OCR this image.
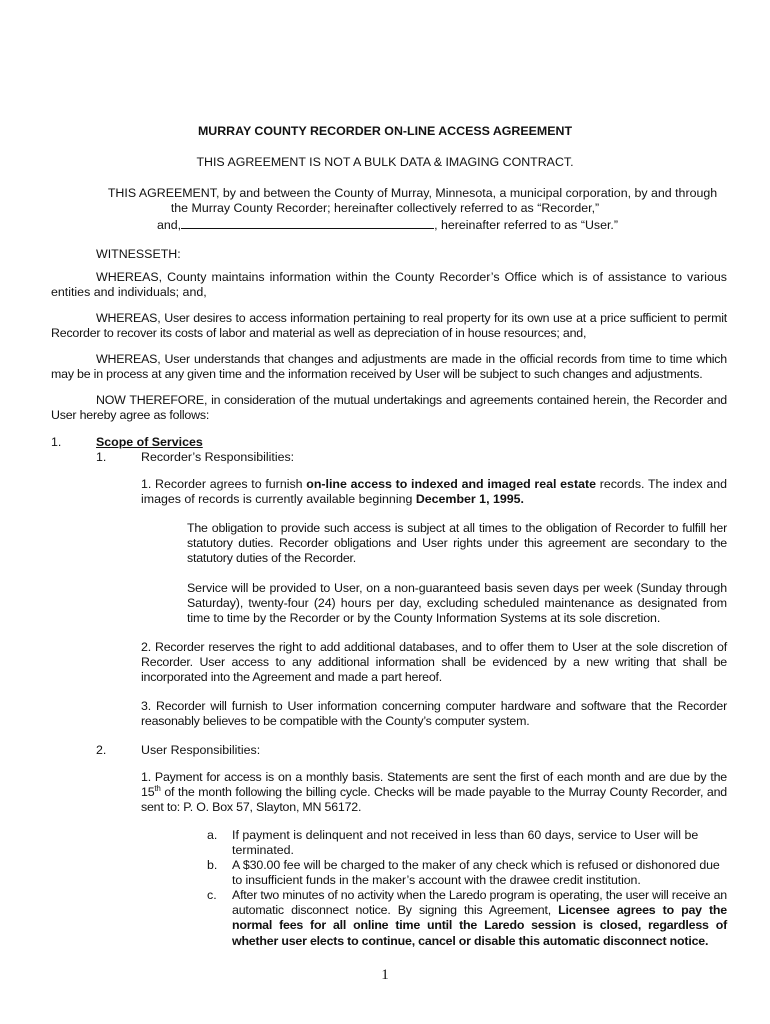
MURRAY COUNTY RECORDER ON-LINE ACCESS AGREEMENT
THIS AGREEMENT IS NOT A BULK DATA & IMAGING CONTRACT.
THIS AGREEMENT, by and between the County of Murray, Minnesota, a municipal corporation, by and through
the Murray County Recorder; hereinafter collectively referred to as “Recorder,”
and,	, hereinafter referred to as “User.”
WITNESSETH:
WHEREAS, County maintains information within the County Recorder’s Office which is of assistance to various entities and individuals; and,
WHEREAS, User desires to access information pertaining to real property for its own use at a price sufficient to permit Recorder to recover its costs of labor and material as well as depreciation of in house resources; and,
WHEREAS, User understands that changes and adjustments are made in the official records from time to time which may be in process at any given time and the information received by User will be subject to such changes and adjustments.
NOW THEREFORE, in consideration of the mutual undertakings and agreements contained herein, the Recorder and User hereby agree as follows:
1.	Scope of Services
1.	Recorder’s Responsibilities:
1. Recorder agrees to furnish on-line access to indexed and imaged real estate records. The index and images of records is currently available beginning December 1, 1995.
The obligation to provide such access is subject at all times to the obligation of Recorder to fulfill her statutory duties. Recorder obligations and User rights under this agreement are secondary to the statutory duties of the Recorder.
Service will be provided to User, on a non-guaranteed basis seven days per week (Sunday through Saturday), twenty-four (24) hours per day, excluding scheduled maintenance as designated from time to time by the Recorder or by the County Information Systems at its sole discretion.
2. Recorder reserves the right to add additional databases, and to offer them to User at the sole discretion of Recorder. User access to any additional information shall be evidenced by a new writing that shall be incorporated into the Agreement and made a part hereof.
3. Recorder will furnish to User information concerning computer hardware and software that the Recorder reasonably believes to be compatible with the County’s computer system.
2.	User Responsibilities:
1. Payment for access is on a monthly basis. Statements are sent the first of each month and are due by the 15th of the month following the billing cycle. Checks will be made payable to the Murray County Recorder, and sent to: P. O. Box 57, Slayton, MN 56172.
a. If payment is delinquent and not received in less than 60 days, service to User will be terminated.
b. A $30.00 fee will be charged to the maker of any check which is refused or dishonored due to insufficient funds in the maker’s account with the drawee credit institution.
c. After two minutes of no activity when the Laredo program is operating, the user will receive an automatic disconnect notice. By signing this Agreement, Licensee agrees to pay the normal fees for all online time until the Laredo session is closed, regardless of whether user elects to continue, cancel or disable this automatic disconnect notice.
1
